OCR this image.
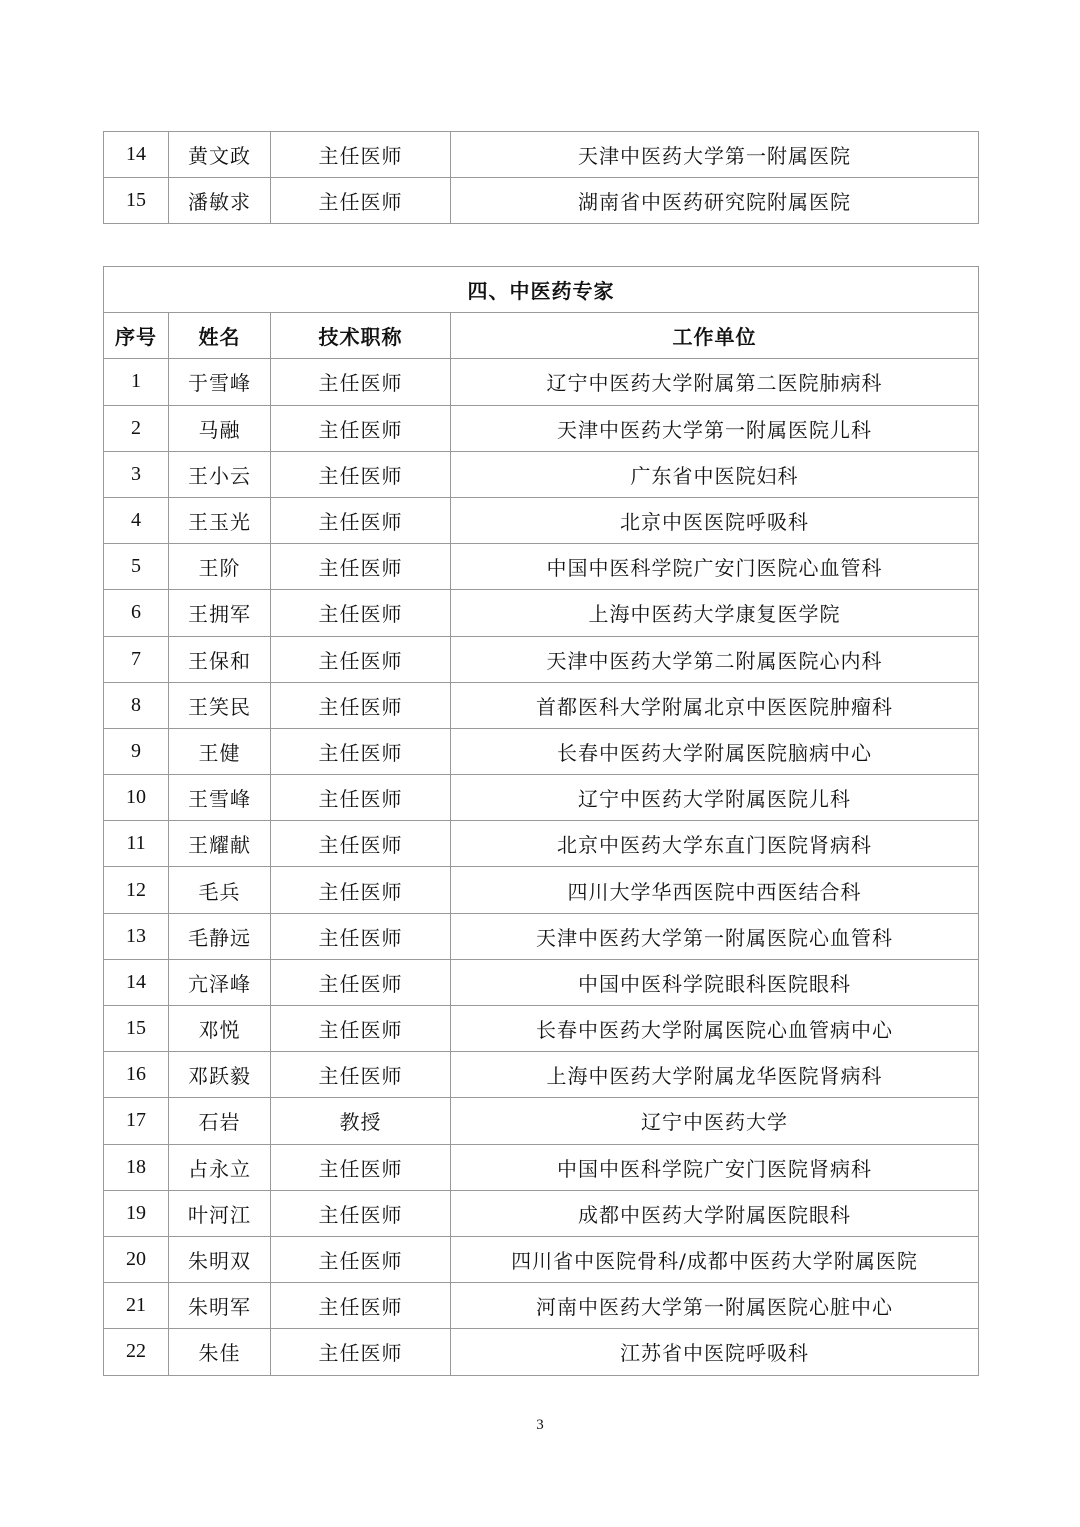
14	黄文政	主任医师	天津中医药大学第一附属医院
15	潘敏求	主任医师	湖南省中医药研究院附属医院
四、中医药专家			
序号	姓名	技术职称	工作单位
1	于雪峰	主任医师	辽宁中医药大学附属第二医院肺病科
2	马融	主任医师	天津中医药大学第一附属医院儿科
3	王小云	主任医师	广东省中医院妇科
4	王玉光	主任医师	北京中医医院呼吸科
5	王阶	主任医师	中国中医科学院广安门医院心血管科
6	王拥军	主任医师	上海中医药大学康复医学院
7	王保和	主任医师	天津中医药大学第二附属医院心内科
8	王笑民	主任医师	首都医科大学附属北京中医医院肿瘤科
9	王健	主任医师	长春中医药大学附属医院脑病中心
10	王雪峰	主任医师	辽宁中医药大学附属医院儿科
11	王耀献	主任医师	北京中医药大学东直门医院肾病科
12	毛兵	主任医师	四川大学华西医院中西医结合科
13	毛静远	主任医师	天津中医药大学第一附属医院心血管科
14	亢泽峰	主任医师	中国中医科学院眼科医院眼科
15	邓悦	主任医师	长春中医药大学附属医院心血管病中心
16	邓跃毅	主任医师	上海中医药大学附属龙华医院肾病科
17	石岩	教授	辽宁中医药大学
18	占永立	主任医师	中国中医科学院广安门医院肾病科
19	叶河江	主任医师	成都中医药大学附属医院眼科
20	朱明双	主任医师	四川省中医院骨科/成都中医药大学附属医院
21	朱明军	主任医师	河南中医药大学第一附属医院心脏中心
22	朱佳	主任医师	江苏省中医院呼吸科
3
